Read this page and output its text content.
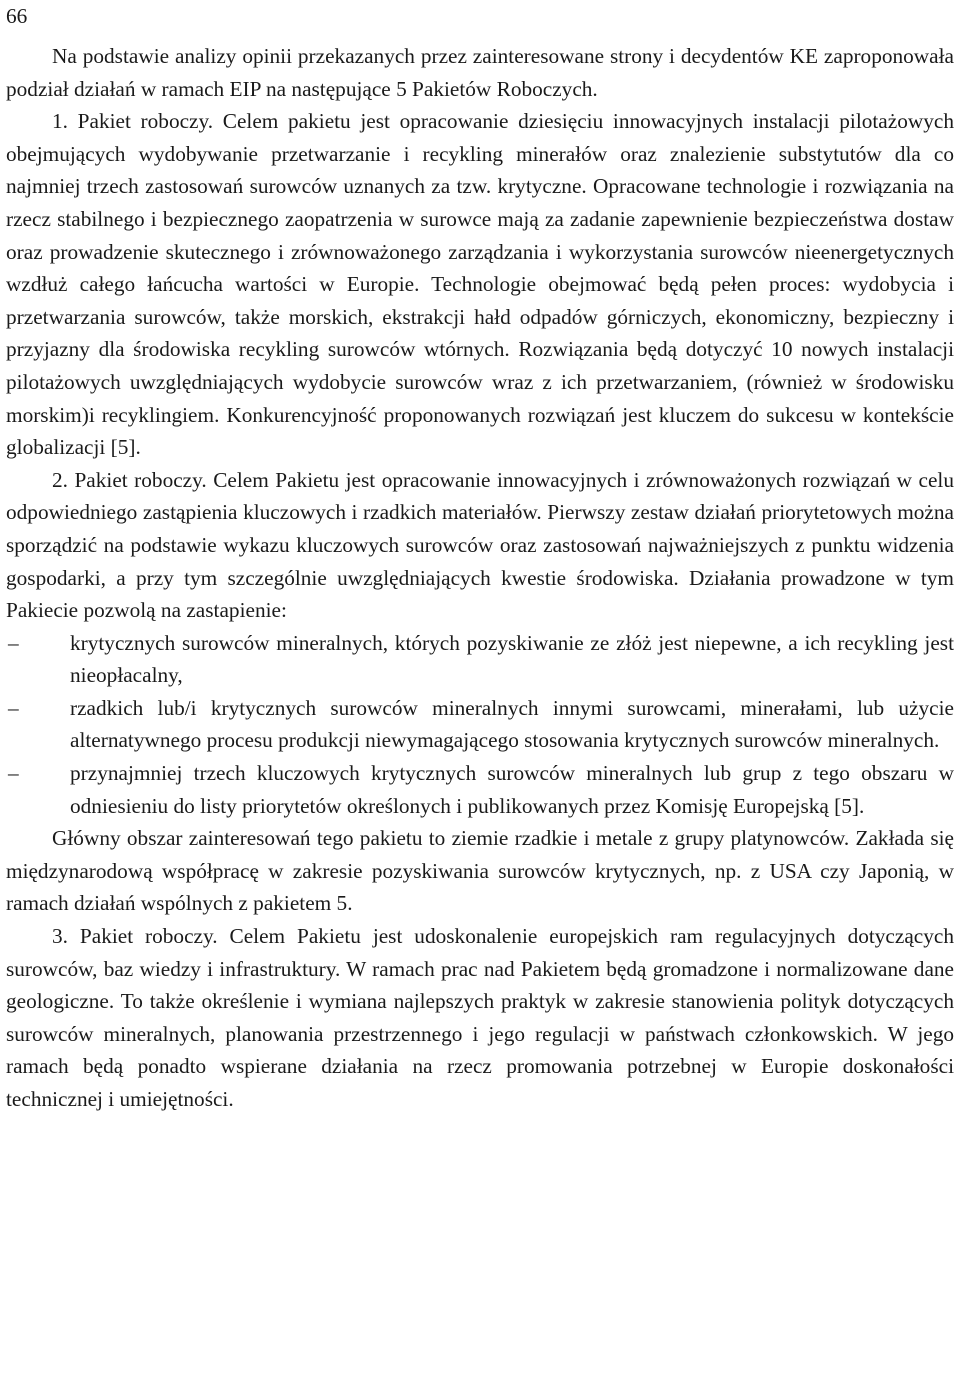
66

Na podstawie analizy opinii przekazanych przez zainteresowane strony i decydentów KE zaproponowała podział działań w ramach EIP na następujące 5 Pakietów Roboczych.

1. Pakiet roboczy. Celem pakietu jest opracowanie dziesięciu innowacyjnych instalacji pilotażowych obejmujących wydobywanie przetwarzanie i recykling minerałów oraz znalezienie substytutów dla co najmniej trzech zastosowań surowców uznanych za tzw. krytyczne. Opracowane technologie i rozwiązania na rzecz stabilnego i bezpiecznego zaopatrzenia w surowce mają za zadanie zapewnienie bezpieczeństwa dostaw oraz prowadzenie skutecznego i zrównoważonego zarządzania i wykorzystania surowców nieenergetycznych wzdłuż całego łańcucha wartości w Europie. Technologie obejmować będą pełen proces: wydobycia i przetwarzania surowców, także morskich, ekstrakcji hałd odpadów górniczych, ekonomiczny, bezpieczny i przyjazny dla środowiska recykling surowców wtórnych. Rozwiązania będą dotyczyć 10 nowych instalacji pilotażowych uwzględniających wydobycie surowców wraz z ich przetwarzaniem, (również w środowisku morskim)i recyklingiem. Konkurencyjność proponowanych rozwiązań jest kluczem do sukcesu w kontekście globalizacji [5].

2. Pakiet roboczy. Celem Pakietu jest opracowanie innowacyjnych i zrównoważonych rozwiązań w celu odpowiedniego zastąpienia kluczowych i rzadkich materiałów. Pierwszy zestaw działań priorytetowych można sporządzić na podstawie wykazu kluczowych surowców oraz zastosowań najważniejszych z punktu widzenia gospodarki, a przy tym szczególnie uwzględniających kwestie środowiska. Działania prowadzone w tym Pakiecie pozwolą na zastapienie:

– krytycznych surowców mineralnych, których pozyskiwanie ze złóż jest niepewne, a ich recykling jest nieopłacalny,
– rzadkich lub/i krytycznych surowców mineralnych innymi surowcami, minerałami, lub użycie alternatywnego procesu produkcji niewymagającego stosowania krytycznych surowców mineralnych.
– przynajmniej trzech kluczowych krytycznych surowców mineralnych lub grup z tego obszaru w odniesieniu do listy priorytetów określonych i publikowanych przez Komisję Europejską [5].

Główny obszar zainteresowań tego pakietu to ziemie rzadkie i metale z grupy platynowców. Zakłada się międzynarodową współpracę w zakresie pozyskiwania surowców krytycznych, np. z USA czy Japonią, w ramach działań wspólnych z pakietem 5.

3. Pakiet roboczy. Celem Pakietu jest udoskonalenie europejskich ram regulacyjnych dotyczących surowców, baz wiedzy i infrastruktury. W ramach prac nad Pakietem będą gromadzone i normalizowane dane geologiczne. To także określenie i wymiana najlepszych praktyk w zakresie stanowienia polityk dotyczących surowców mineralnych, planowania przestrzennego i jego regulacji w państwach członkowskich. W jego ramach będą ponadto wspierane działania na rzecz promowania potrzebnej w Europie doskonałości technicznej i umiejętności.
